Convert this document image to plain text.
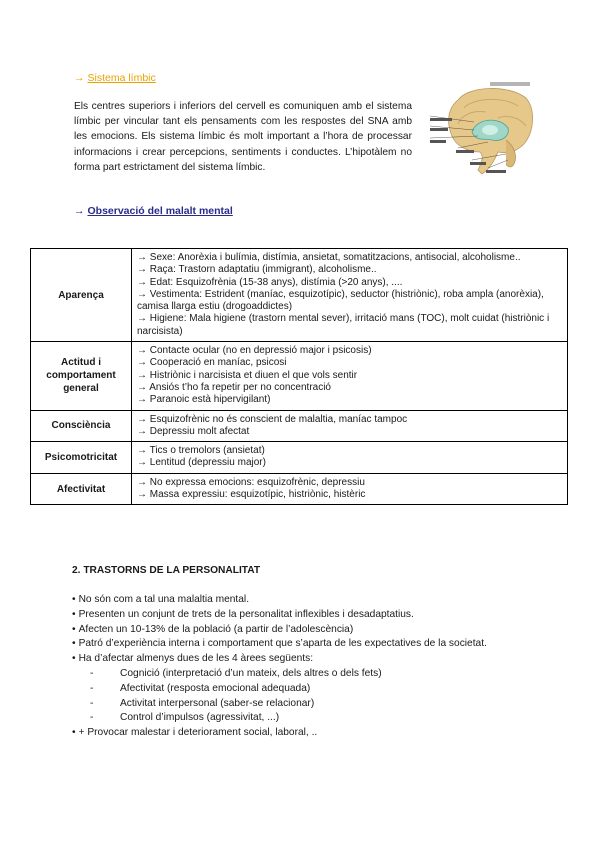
→ Sistema límbic

Els centres superiors i inferiors del cervell es comuniquen amb el sistema límbic per vincular tant els pensaments com les respostes del SNA amb les emocions. Els sistema límbic és molt important a l’hora de processar informacions i crear percepcions, sentiments i conductes. L’hipotàlem no forma part estrictament del sistema límbic.

→ Observació del malalt mental
Aparença	→ Sexe: Anorèxia i bulímia, distímia, ansietat, somatitzacions, antisocial, alcoholisme..
→ Raça: Trastorn adaptatiu (immigrant), alcoholisme..
→ Edat: Esquizofrènia (15-38 anys), distímia (>20 anys), ....
→ Vestimenta: Estrident (maníac, esquizotípic), seductor (histriònic), roba ampla (anorèxia), camisa llarga estiu (drogoaddictes)
→ Higiene: Mala higiene (trastorn mental sever), irritació mans (TOC), molt cuidat (histriònic i narcisista)

Actitud i comportament general	→ Contacte ocular (no en depressió major i psicosis)
→ Cooperació en maníac, psicosi
→ Histriònic i narcisista et diuen el que vols sentir
→ Ansiós t’ho fa repetir per no concentració
→ Paranoic està hipervigilant)

Consciència	→ Esquizofrènic no és conscient de malaltia, maníac tampoc
→ Depressiu molt afectat

Psicomotricitat	→ Tics o tremolors (ansietat)
→ Lentitud (depressiu major)

Afectivitat	→ No expressa emocions: esquizofrènic, depressiu
→ Massa expressiu: esquizotípic, histriònic, histèric

2. TRASTORNS DE LA PERSONALITAT

• No són com a tal una malaltia mental.
• Presenten un conjunt de trets de la personalitat inflexibles i desadaptatius.
• Afecten un 10-13% de la població (a partir de l’adolescència)
• Patró d’experiència interna i comportament que s’aparta de les expectatives de la societat.
• Ha d’afectar almenys dues de les 4 àrees següents:
-	Cognició (interpretació d’un mateix, dels altres o dels fets)
-	Afectivitat (resposta emocional adequada)
-	Activitat interpersonal (saber-se relacionar)
-	Control d’impulsos (agressivitat, ...)
• + Provocar malestar i deteriorament social, laboral, ..
